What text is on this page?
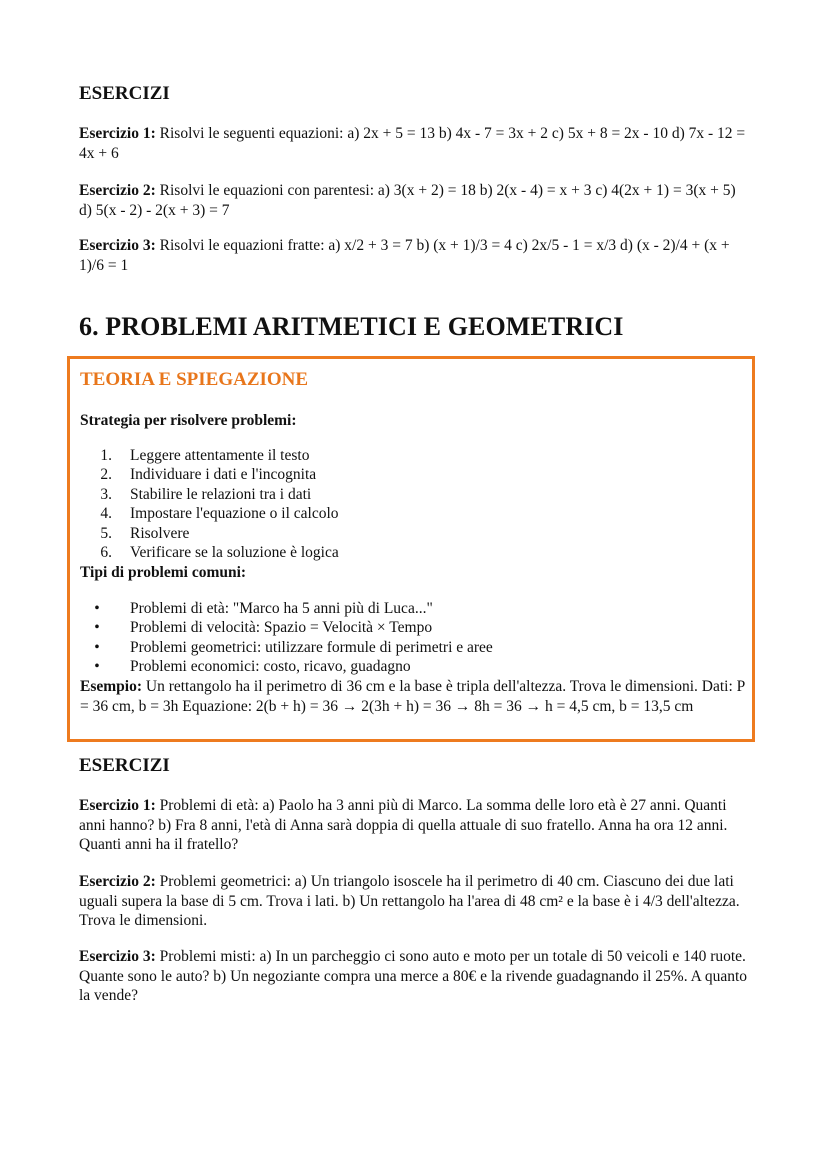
ESERCIZI
Esercizio 1: Risolvi le seguenti equazioni: a) 2x + 5 = 13 b) 4x - 7 = 3x + 2 c) 5x + 8 = 2x - 10 d) 7x - 12 = 4x + 6
Esercizio 2: Risolvi le equazioni con parentesi: a) 3(x + 2) = 18 b) 2(x - 4) = x + 3 c) 4(2x + 1) = 3(x + 5) d) 5(x - 2) - 2(x + 3) = 7
Esercizio 3: Risolvi le equazioni fratte: a) x/2 + 3 = 7 b) (x + 1)/3 = 4 c) 2x/5 - 1 = x/3 d) (x - 2)/4 + (x + 1)/6 = 1
6. PROBLEMI ARITMETICI E GEOMETRICI
TEORIA E SPIEGAZIONE
Strategia per risolvere problemi:
1. Leggere attentamente il testo
2. Individuare i dati e l'incognita
3. Stabilire le relazioni tra i dati
4. Impostare l'equazione o il calcolo
5. Risolvere
6. Verificare se la soluzione è logica
Tipi di problemi comuni:
• Problemi di età: "Marco ha 5 anni più di Luca..."
• Problemi di velocità: Spazio = Velocità × Tempo
• Problemi geometrici: utilizzare formule di perimetri e aree
• Problemi economici: costo, ricavo, guadagno
Esempio: Un rettangolo ha il perimetro di 36 cm e la base è tripla dell'altezza. Trova le dimensioni. Dati: P = 36 cm, b = 3h Equazione: 2(b + h) = 36 → 2(3h + h) = 36 → 8h = 36 → h = 4,5 cm, b = 13,5 cm
ESERCIZI
Esercizio 1: Problemi di età: a) Paolo ha 3 anni più di Marco. La somma delle loro età è 27 anni. Quanti anni hanno? b) Fra 8 anni, l'età di Anna sarà doppia di quella attuale di suo fratello. Anna ha ora 12 anni. Quanti anni ha il fratello?
Esercizio 2: Problemi geometrici: a) Un triangolo isoscele ha il perimetro di 40 cm. Ciascuno dei due lati uguali supera la base di 5 cm. Trova i lati. b) Un rettangolo ha l'area di 48 cm² e la base è i 4/3 dell'altezza. Trova le dimensioni.
Esercizio 3: Problemi misti: a) In un parcheggio ci sono auto e moto per un totale di 50 veicoli e 140 ruote. Quante sono le auto? b) Un negoziante compra una merce a 80€ e la rivende guadagnando il 25%. A quanto la vende?
